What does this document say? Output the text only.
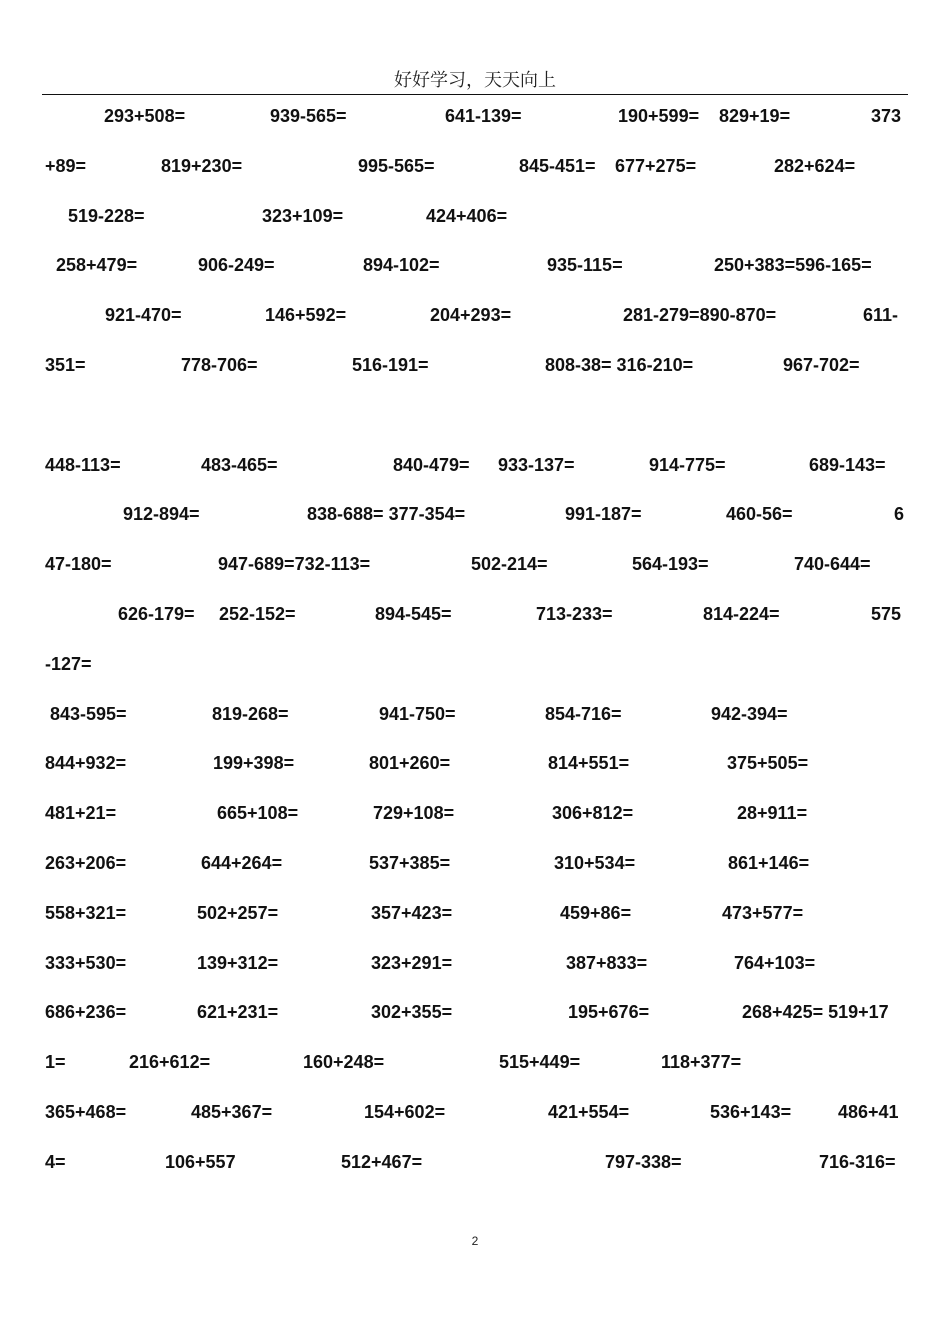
好好学习，天天向上
293+508=	939-565=	641-139=	190+599= 829+19=	373
+89=	819+230=	995-565=	845-451= 677+275=	282+624=
519-228=	323+109=	424+406=
258+479=	906-249=	894-102=	935-115=	250+383=596-165=
921-470=	146+592=	204+293=	281-279=890-870=	611-
351=	778-706=	516-191=	808-38= 316-210=	967-702=
448-113=	483-465=	840-479= 933-137=	914-775=	689-143=
912-894=	838-688= 377-354=	991-187=	460-56=	6
47-180=	947-689=732-113=	502-214=	564-193=	740-644=
626-179= 252-152=	894-545=	713-233=	814-224=	575
-127=
843-595=	819-268=	941-750=	854-716=	942-394=
844+932=	199+398=	801+260=	814+551=	375+505=
481+21=	665+108=	729+108=	306+812=	28+911=
263+206=	644+264=	537+385=	310+534=	861+146=
558+321=	502+257=	357+423=	459+86=	473+577=
333+530=	139+312=	323+291=	387+833=	764+103=
686+236=	621+231=	302+355=	195+676=	268+425= 519+17
1=	216+612=	160+248=	515+449=	118+377=
365+468=	485+367=	154+602=	421+554=	536+143=	486+41
4=	106+557	512+467=	797-338=	716-316=
2
